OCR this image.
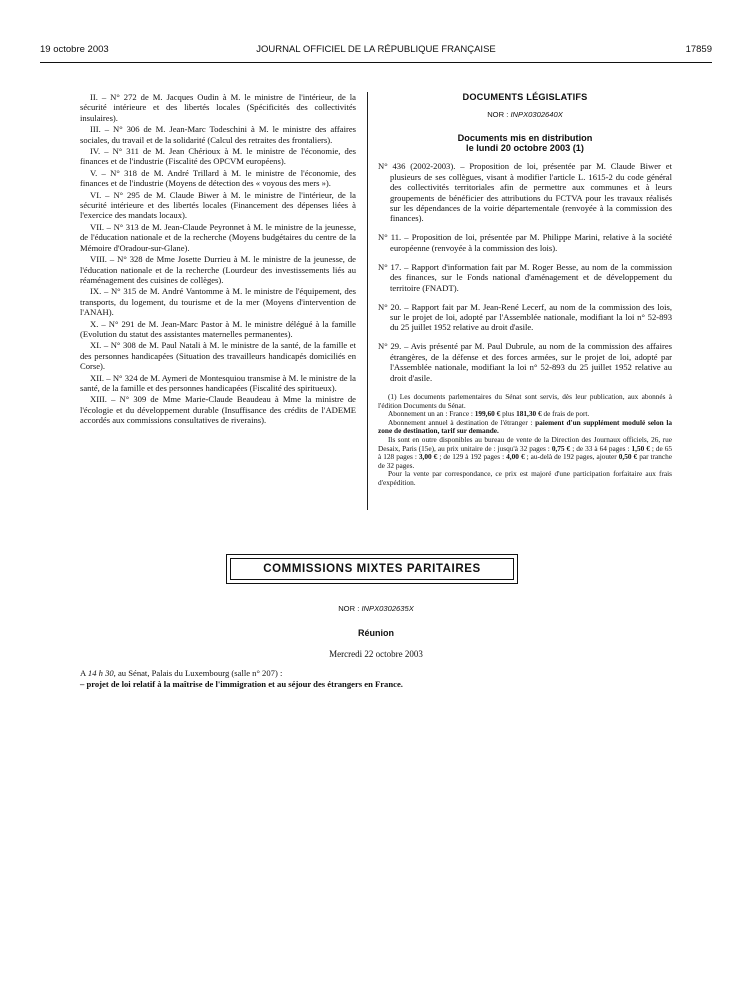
19 octobre 2003	JOURNAL OFFICIEL DE LA RÉPUBLIQUE FRANÇAISE	17859

II. – N° 272 de M. Jacques Oudin à M. le ministre de l'intérieur, de la sécurité intérieure et des libertés locales (Spécificités des collectivités insulaires).

III. – N° 306 de M. Jean-Marc Todeschini à M. le ministre des affaires sociales, du travail et de la solidarité (Calcul des retraites des frontaliers).

IV. – N° 311 de M. Jean Chérioux à M. le ministre de l'économie, des finances et de l'industrie (Fiscalité des OPCVM européens).

V. – N° 318 de M. André Trillard à M. le ministre de l'économie, des finances et de l'industrie (Moyens de détection des « voyous des mers »).

VI. – N° 295 de M. Claude Biwer à M. le ministre de l'intérieur, de la sécurité intérieure et des libertés locales (Financement des dépenses liées à l'exercice des mandats locaux).

VII. – N° 313 de M. Jean-Claude Peyronnet à M. le ministre de la jeunesse, de l'éducation nationale et de la recherche (Moyens budgétaires du centre de la Mémoire d'Oradour-sur-Glane).

VIII. – N° 328 de Mme Josette Durrieu à M. le ministre de la jeunesse, de l'éducation nationale et de la recherche (Lourdeur des investissements liés au réaménagement des cuisines de collèges).

IX. – N° 315 de M. André Vantomme à M. le ministre de l'équipement, des transports, du logement, du tourisme et de la mer (Moyens d'intervention de l'ANAH).

X. – N° 291 de M. Jean-Marc Pastor à M. le ministre délégué à la famille (Evolution du statut des assistantes maternelles permanentes).

XI. – N° 308 de M. Paul Natali à M. le ministre de la santé, de la famille et des personnes handicapées (Situation des travailleurs handicapés domiciliés en Corse).

XII. – N° 324 de M. Aymeri de Montesquiou transmise à M. le ministre de la santé, de la famille et des personnes handicapées (Fiscalité des spiritueux).

XIII. – N° 309 de Mme Marie-Claude Beaudeau à Mme la ministre de l'écologie et du développement durable (Insuffisance des crédits de l'ADEME accordés aux commissions consultatives de riverains).

DOCUMENTS LÉGISLATIFS
NOR : INPX0302640X
Documents mis en distribution
le lundi 20 octobre 2003 (1)

N° 436 (2002-2003). – Proposition de loi, présentée par M. Claude Biwer et plusieurs de ses collègues, visant à modifier l'article L. 1615-2 du code général des collectivités territoriales afin de permettre aux communes et à leurs groupements de bénéficier des attributions du FCTVA pour les travaux réalisés sur les dépendances de la voirie départementale (renvoyée à la commission des finances).

N° 11. – Proposition de loi, présentée par M. Philippe Marini, relative à la société européenne (renvoyée à la commission des lois).

N° 17. – Rapport d'information fait par M. Roger Besse, au nom de la commission des finances, sur le Fonds national d'aménagement et de développement du territoire (FNADT).

N° 20. – Rapport fait par M. Jean-René Lecerf, au nom de la commission des lois, sur le projet de loi, adopté par l'Assemblée nationale, modifiant la loi n° 52-893 du 25 juillet 1952 relative au droit d'asile.

N° 29. – Avis présenté par M. Paul Dubrule, au nom de la commission des affaires étrangères, de la défense et des forces armées, sur le projet de loi, adopté par l'Assemblée nationale, modifiant la loi n° 52-893 du 25 juillet 1952 relative au droit d'asile.

(1) Les documents parlementaires du Sénat sont servis, dès leur publication, aux abonnés à l'édition Documents du Sénat.

Abonnement un an : France : 199,60 € plus 181,30 € de frais de port.

Abonnement annuel à destination de l'étranger : paiement d'un supplément modulé selon la zone de destination, tarif sur demande.

Ils sont en outre disponibles au bureau de vente de la Direction des Journaux officiels, 26, rue Desaix, Paris (15e), au prix unitaire de : jusqu'à 32 pages : 0,75 € ; de 33 à 64 pages : 1,50 € ; de 65 à 128 pages : 3,00 € ; de 129 à 192 pages : 4,00 € ; au-delà de 192 pages, ajouter 0,50 € par tranche de 32 pages.

Pour la vente par correspondance, ce prix est majoré d'une participation forfaitaire aux frais d'expédition.

COMMISSIONS MIXTES PARITAIRES
NOR : INPX0302635X
Réunion
Mercredi 22 octobre 2003
A 14 h 30, au Sénat, Palais du Luxembourg (salle n° 207) :
– projet de loi relatif à la maîtrise de l'immigration et au séjour des étrangers en France.
